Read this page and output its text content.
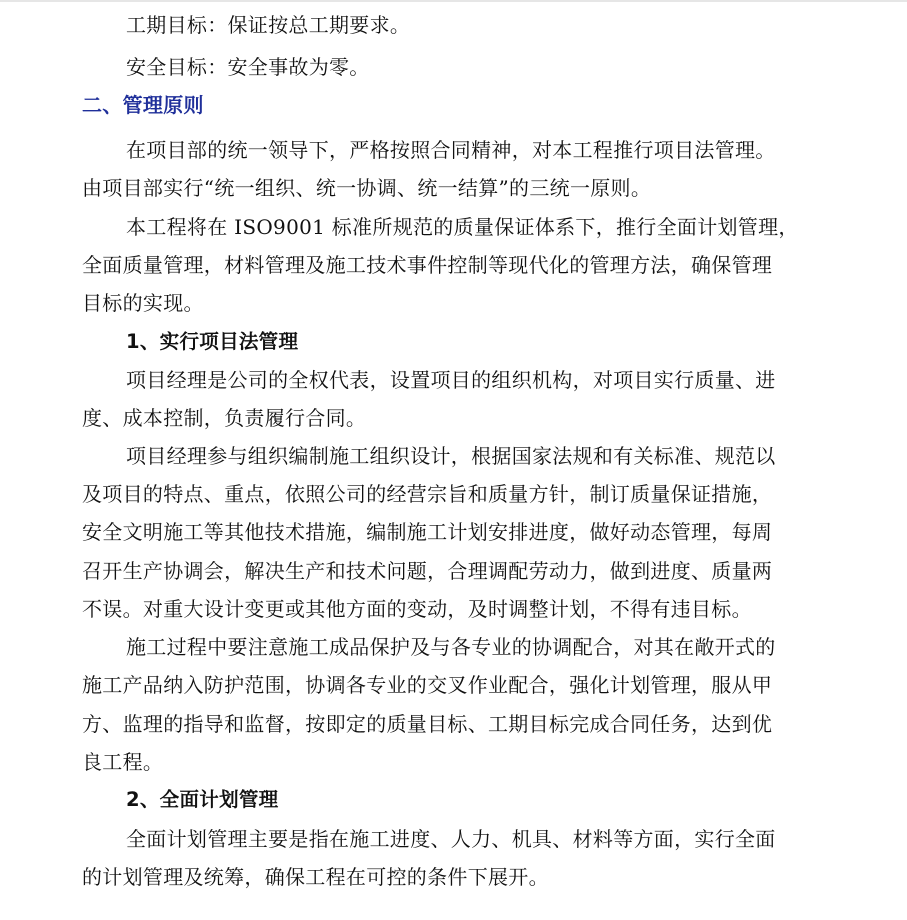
工期目标：保证按总工期要求。
安全目标：安全事故为零。
二、管理原则
在项目部的统一领导下，严格按照合同精神，对本工程推行项目法管理。
由项目部实行“统一组织、统一协调、统一结算”的三统一原则。
本工程将在 ISO9001 标准所规范的质量保证体系下，推行全面计划管理，
全面质量管理，材料管理及施工技术事件控制等现代化的管理方法，确保管理
目标的实现。
1、实行项目法管理
项目经理是公司的全权代表，设置项目的组织机构，对项目实行质量、进
度、成本控制，负责履行合同。
项目经理参与组织编制施工组织设计，根据国家法规和有关标准、规范以
及项目的特点、重点，依照公司的经营宗旨和质量方针，制订质量保证措施，
安全文明施工等其他技术措施，编制施工计划安排进度，做好动态管理，每周
召开生产协调会，解决生产和技术问题，合理调配劳动力，做到进度、质量两
不误。对重大设计变更或其他方面的变动，及时调整计划，不得有违目标。
施工过程中要注意施工成品保护及与各专业的协调配合，对其在敞开式的
施工产品纳入防护范围，协调各专业的交叉作业配合，强化计划管理，服从甲
方、监理的指导和监督，按即定的质量目标、工期目标完成合同任务，达到优
良工程。
2、全面计划管理
全面计划管理主要是指在施工进度、人力、机具、材料等方面，实行全面
的计划管理及统筹，确保工程在可控的条件下展开。
